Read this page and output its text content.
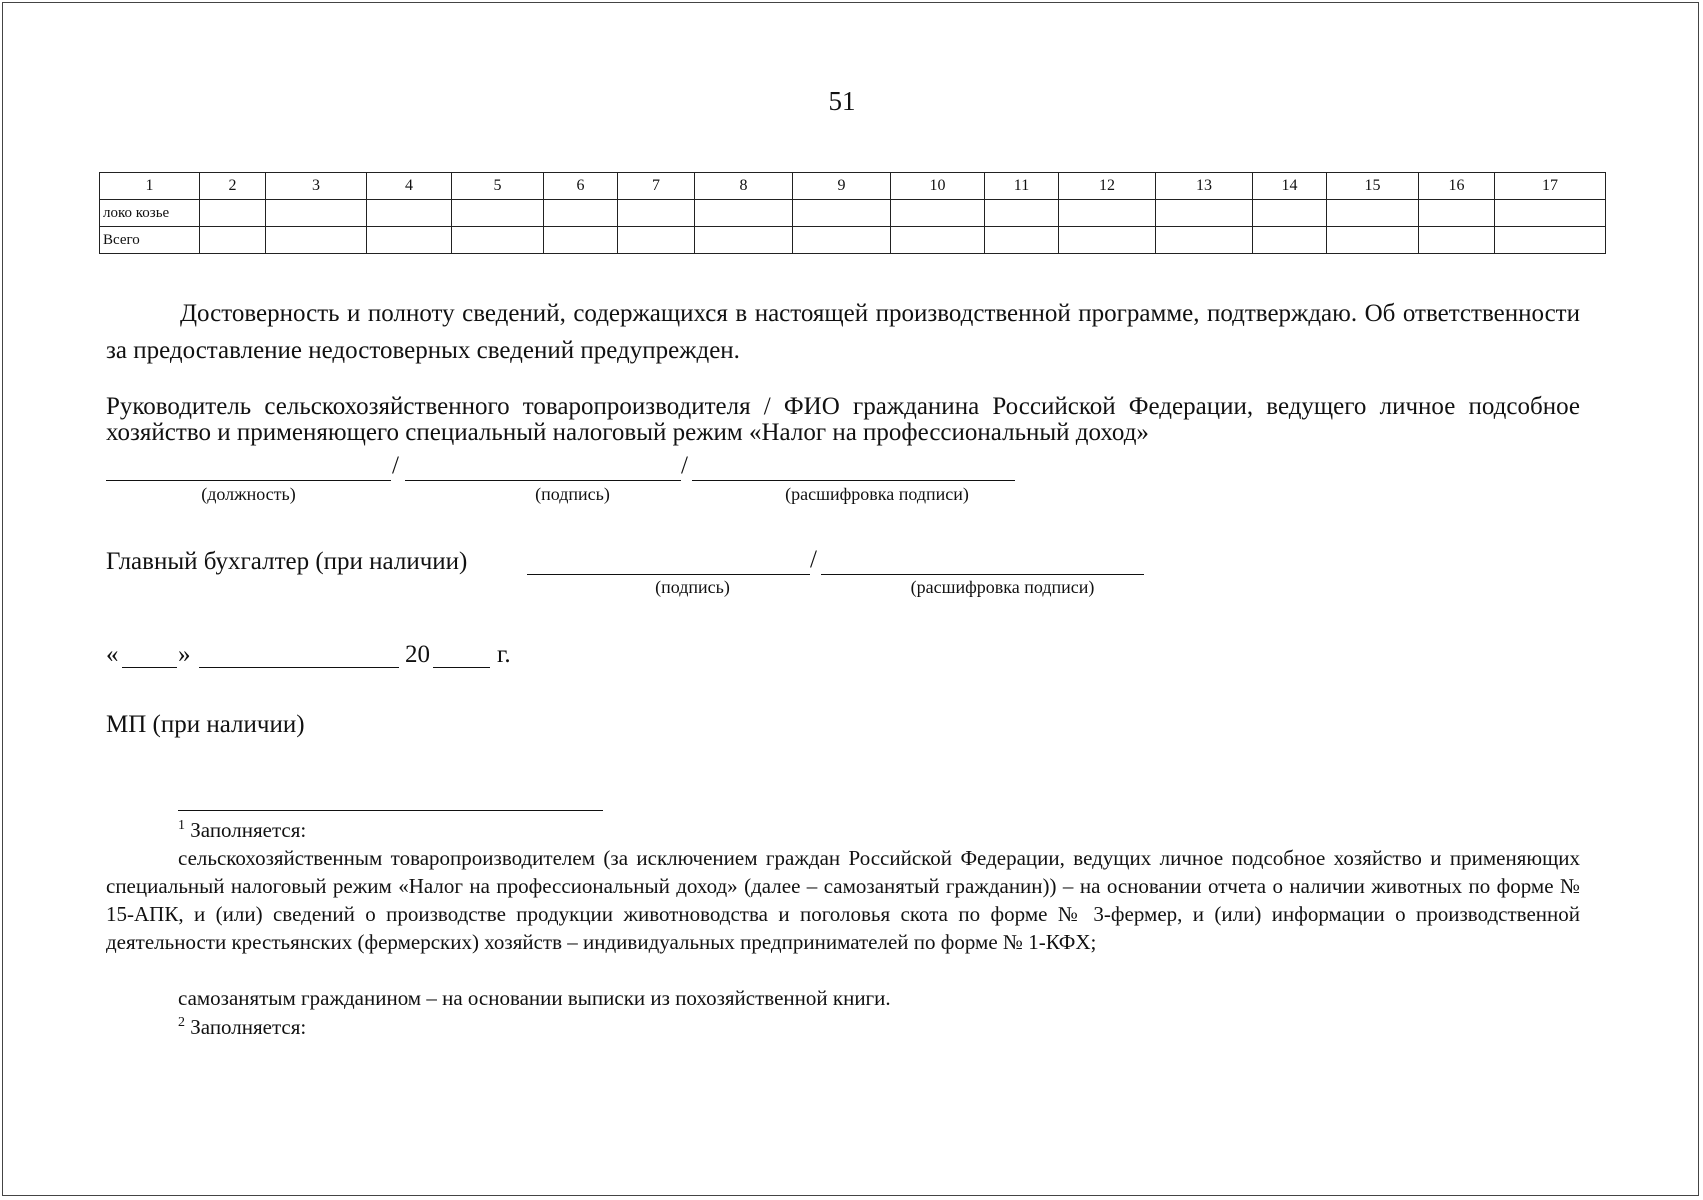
51
1	2	3	4	5	6	7	8	9	10	11	12	13	14	15	16	17
локо козье																
Всего																
Достоверность и полноту сведений, содержащихся в настоящей производственной программе, подтверждаю. Об ответственности за предоставление недостоверных сведений предупрежден.
Руководитель сельскохозяйственного товаропроизводителя / ФИО гражданина Российской Федерации, ведущего личное подсобное хозяйство и применяющего специальный налоговый режим «Налог на профессиональный доход»
/	/
(должность)	(подпись)	(расшифровка подписи)
Главный бухгалтер (при наличии)	/
(подпись)	(расшифровка подписи)
« »	20	г.
МП (при наличии)
$^1$ Заполняется:
сельскохозяйственным товаропроизводителем (за исключением граждан Российской Федерации, ведущих личное подсобное хозяйство и применяющих специальный налоговый режим «Налог на профессиональный доход» (далее – самозанятый гражданин)) – на основании отчета о наличии животных по форме № 15-АПК, и (или) сведений о производстве продукции животноводства и поголовья скота по форме № 3-фермер, и (или) информации о производственной деятельности крестьянских (фермерских) хозяйств – индивидуальных предпринимателей по форме № 1-КФХ;
самозанятым гражданином – на основании выписки из похозяйственной книги.
$^2$ Заполняется:
